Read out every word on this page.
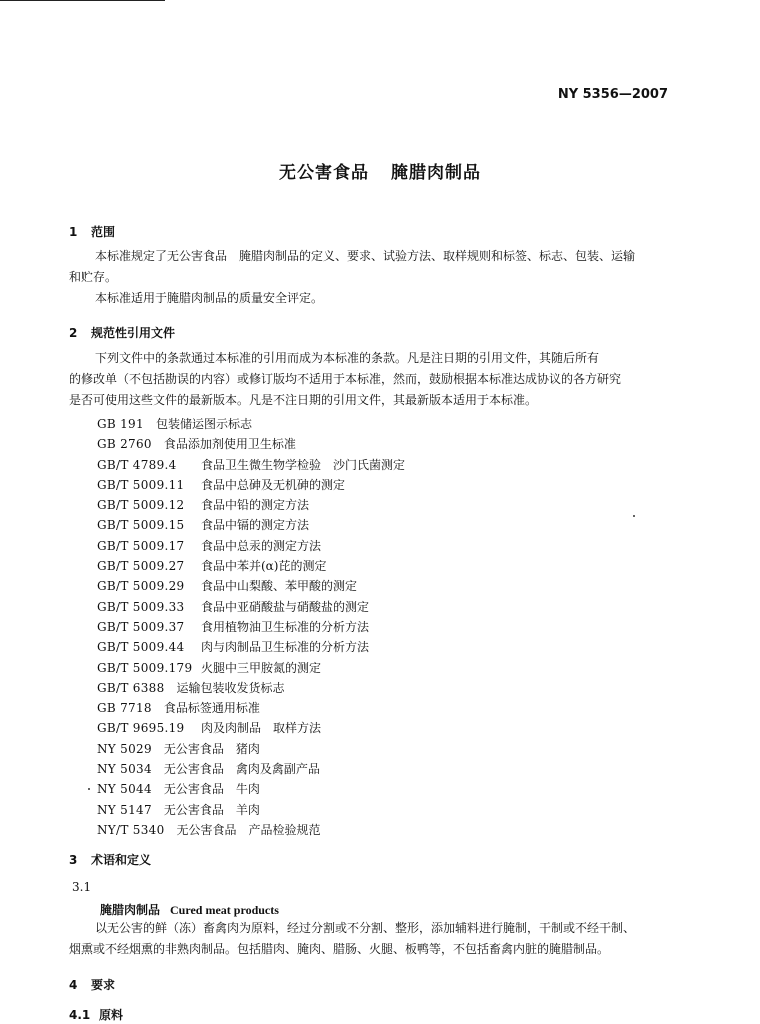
NY 5356—2007
无公害食品 腌腊肉制品
1 范围
本标准规定了无公害食品　腌腊肉制品的定义、要求、试验方法、取样规则和标签、标志、包装、运输
和贮存。
本标准适用于腌腊肉制品的质量安全评定。
2 规范性引用文件
下列文件中的条款通过本标准的引用而成为本标准的条款。凡是注日期的引用文件，其随后所有
的修改单（不包括勘误的内容）或修订版均不适用于本标准，然而，鼓励根据本标准达成协议的各方研究
是否可使用这些文件的最新版本。凡是不注日期的引用文件，其最新版本适用于本标准。
GB 191 包装储运图示标志
GB 2760 食品添加剂使用卫生标准
GB/T 4789.4 食品卫生微生物学检验　沙门氏菌测定
GB/T 5009.11 食品中总砷及无机砷的测定
GB/T 5009.12 食品中铅的测定方法
GB/T 5009.15 食品中镉的测定方法
GB/T 5009.17 食品中总汞的测定方法
GB/T 5009.27 食品中苯并(α)芘的测定
GB/T 5009.29 食品中山梨酸、苯甲酸的测定
GB/T 5009.33 食品中亚硝酸盐与硝酸盐的测定
GB/T 5009.37 食用植物油卫生标准的分析方法
GB/T 5009.44 肉与肉制品卫生标准的分析方法
GB/T 5009.179 火腿中三甲胺氮的测定
GB/T 6388 运输包装收发货标志
GB 7718 食品标签通用标准
GB/T 9695.19 肉及肉制品　取样方法
NY 5029 无公害食品　猪肉
NY 5034 无公害食品　禽肉及禽副产品
NY 5044 无公害食品　牛肉
NY 5147 无公害食品　羊肉
NY/T 5340 无公害食品　产品检验规范
3 术语和定义
3.1
腌腊肉制品 Cured meat products
以无公害的鲜（冻）畜禽肉为原料，经过分割或不分割、整形，添加辅料进行腌制，干制或不经干制、
烟熏或不经烟熏的非熟肉制品。包括腊肉、腌肉、腊肠、火腿、板鸭等，不包括畜禽内脏的腌腊制品。
4 要求
4.1 原料
